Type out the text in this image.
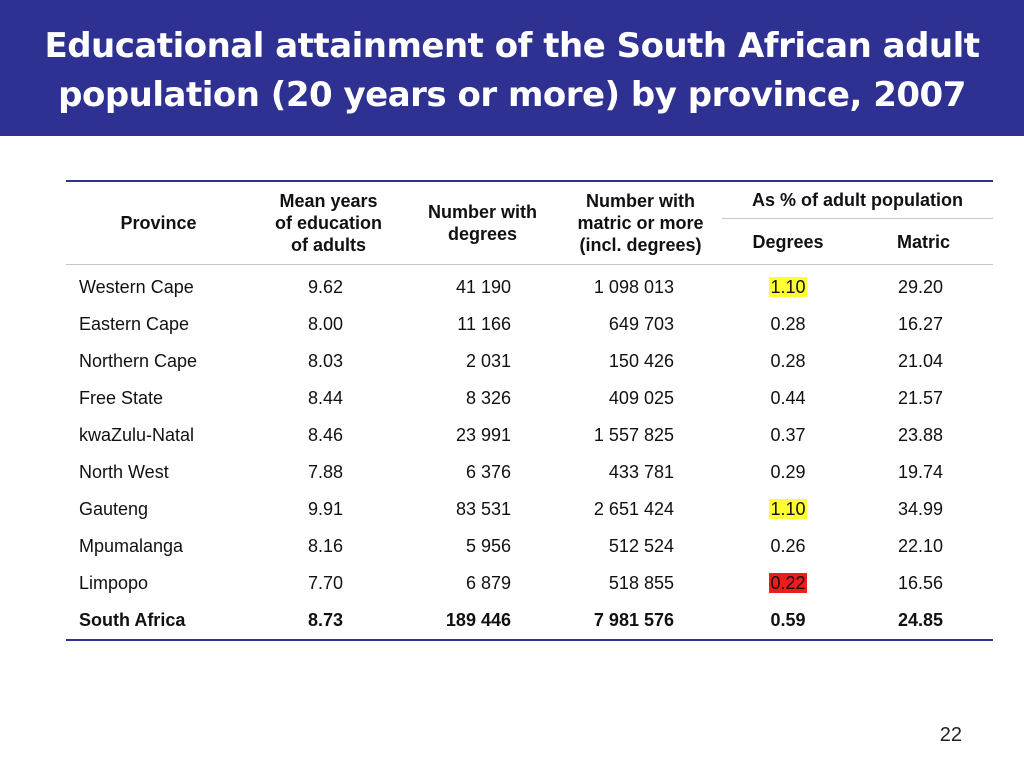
Educational attainment of the South African adult
population (20 years or more) by province, 2007
Province	Mean years
of education
of adults	Number with
degrees	Number with
matric or more
(incl. degrees)	As % of adult population	
				Degrees	Matric
Western Cape	9.62	41 190	1 098 013	1.10	29.20
Eastern Cape	8.00	11 166	649 703	0.28	16.27
Northern Cape	8.03	2 031	150 426	0.28	21.04
Free State	8.44	8 326	409 025	0.44	21.57
kwaZulu-Natal	8.46	23 991	1 557 825	0.37	23.88
North West	7.88	6 376	433 781	0.29	19.74
Gauteng	9.91	83 531	2 651 424	1.10	34.99
Mpumalanga	8.16	5 956	512 524	0.26	22.10
Limpopo	7.70	6 879	518 855	0.22	16.56
South Africa	8.73	189 446	7 981 576	0.59	24.85
22
